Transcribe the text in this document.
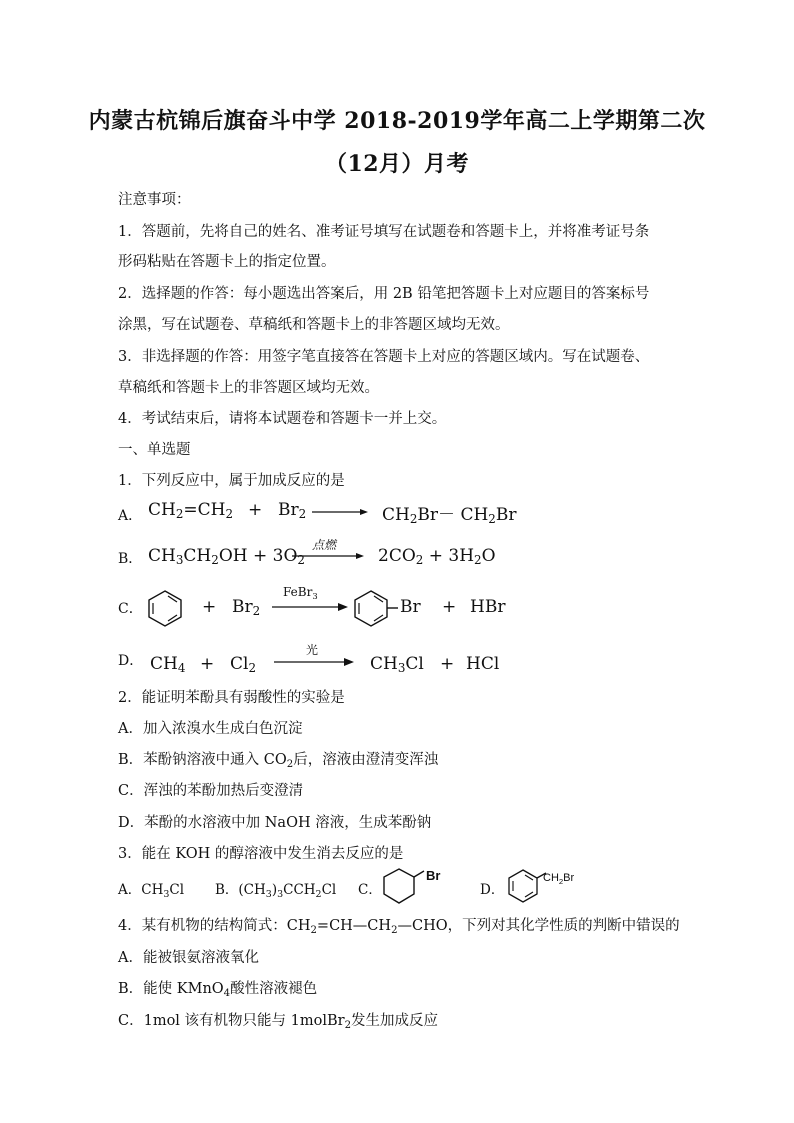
内蒙古杭锦后旗奋斗中学 2018-2019学年高二上学期第二次
（12月）月考
注意事项：
1．答题前，先将自己的姓名、准考证号填写在试题卷和答题卡上，并将准考证号条
形码粘贴在答题卡上的指定位置。
2．选择题的作答：每小题选出答案后，用 2B 铅笔把答题卡上对应题目的答案标号
涂黑，写在试题卷、草稿纸和答题卡上的非答题区域均无效。
3．非选择题的作答：用签字笔直接答在答题卡上对应的答题区域内。写在试题卷、
草稿纸和答题卡上的非答题区域均无效。
4．考试结束后，请将本试题卷和答题卡一并上交。
一、单选题
1．下列反应中，属于加成反应的是
A． $CH_2=CH_2 + Br_2$	$CH_2Br- CH_2Br$
B． $CH_3CH_2OH + 3O_2$
点燃
$2CO_2 + 3H_2O$
C．	+ $Br_2$
FeBr$_3$
Br + HBr
D． $CH_4 + Cl_2$
光
$CH_3Cl$ + HCl
2．能证明苯酚具有弱酸性的实验是
A．加入浓溴水生成白色沉淀
B．苯酚钠溶液中通入 $CO_2$后，溶液由澄清变浑浊
C．浑浊的苯酚加热后变澄清
D．苯酚的水溶液中加 NaOH 溶液，生成苯酚钠
3．能在 KOH 的醇溶液中发生消去反应的是
A．$CH_3Cl$ B．$(CH_3)_3CCH_2Cl$ C．
Br
D．
$CH_2Br$
4．某有机物的结构简式：$CH_2=CH—CH_2—CHO$，下列对其化学性质的判断中错误的
A．能被银氨溶液氧化
B．能使 KMnO$_4$酸性溶液褪色
C．1mol 该有机物只能与 1molBr$_2$发生加成反应
